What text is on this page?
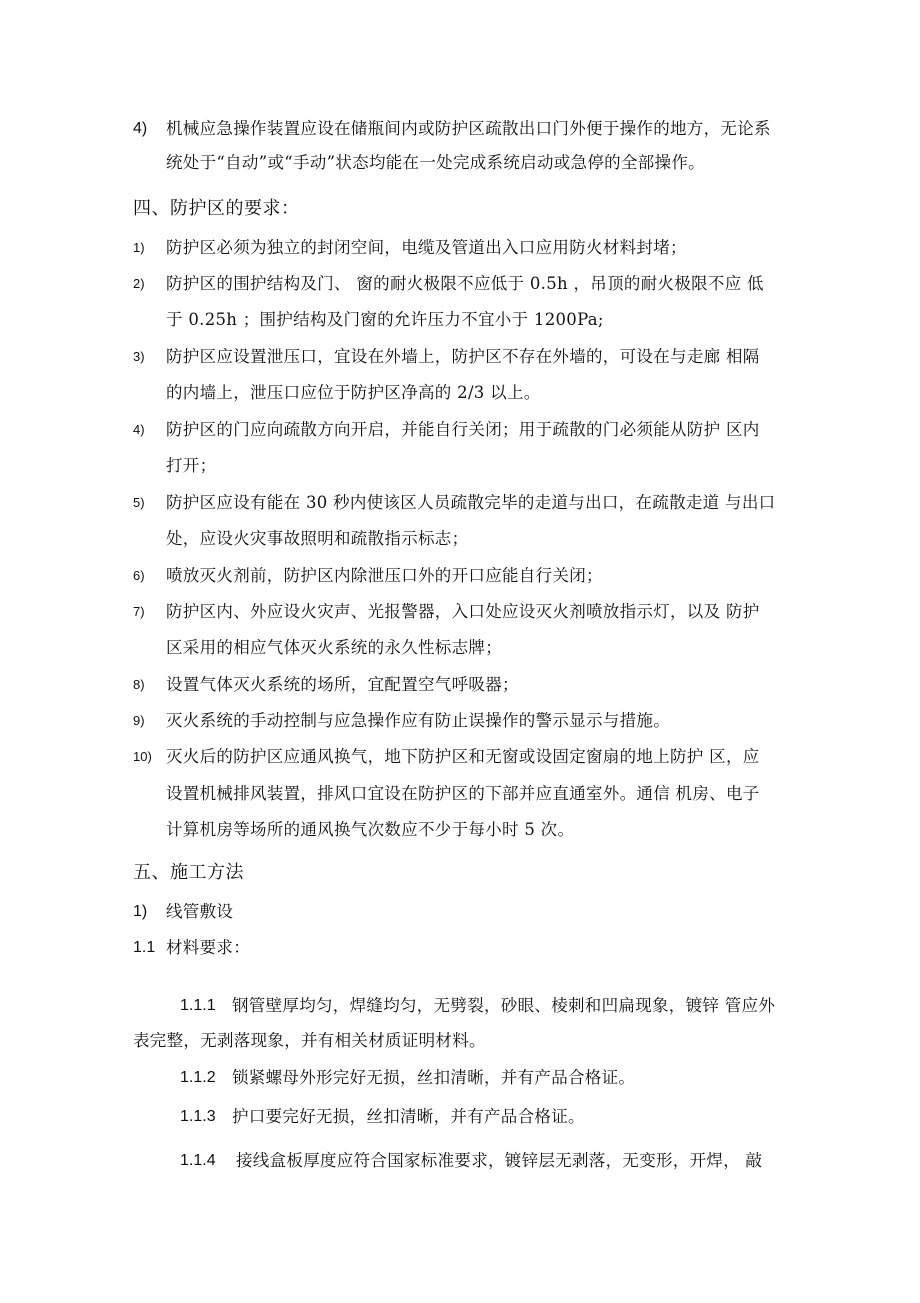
4) 机械应急操作装置应设在储瓶间内或防护区疏散出口门外便于操作的地方，无论系
统处于“自动”或“手动”状态均能在一处完成系统启动或急停的全部操作。
四、防护区的要求：
1) 防护区必须为独立的封闭空间，电缆及管道出入口应用防火材料封堵；
2) 防护区的围护结构及门、 窗的耐火极限不应低于 0.5h ，吊顶的耐火极限不应 低
于 0.25h ；围护结构及门窗的允许压力不宜小于 1200Pa;
3) 防护区应设置泄压口，宜设在外墙上，防护区不存在外墙的，可设在与走廊 相隔
的内墙上，泄压口应位于防护区净高的 2/3 以上。
4) 防护区的门应向疏散方向开启，并能自行关闭；用于疏散的门必须能从防护 区内
打开；
5) 防护区应设有能在 30 秒内使该区人员疏散完毕的走道与出口，在疏散走道 与出口
处，应设火灾事故照明和疏散指示标志；
6) 喷放灭火剂前，防护区内除泄压口外的开口应能自行关闭；
7) 防护区内、外应设火灾声、光报警器，入口处应设灭火剂喷放指示灯，以及 防护
区采用的相应气体灭火系统的永久性标志牌；
8) 设置气体灭火系统的场所，宜配置空气呼吸器；
9) 灭火系统的手动控制与应急操作应有防止误操作的警示显示与措施。
10) 灭火后的防护区应通风换气，地下防护区和无窗或设固定窗扇的地上防护 区，应
设置机械排风装置，排风口宜设在防护区的下部并应直通室外。通信 机房、电子
计算机房等场所的通风换气次数应不少于每小时 5 次。
五、施工方法
1) 线管敷设
1.1 材料要求：
1.1.1 钢管壁厚均匀，焊缝均匀，无劈裂，砂眼、棱刺和凹扁现象，镀锌 管应外
表完整，无剥落现象，并有相关材质证明材料。
1.1.2 锁紧螺母外形完好无损，丝扣清晰，并有产品合格证。
1.1.3 护口要完好无损，丝扣清晰，并有产品合格证。
1.1.4 接线盒板厚度应符合国家标准要求，镀锌层无剥落，无变形，开焊， 敲
